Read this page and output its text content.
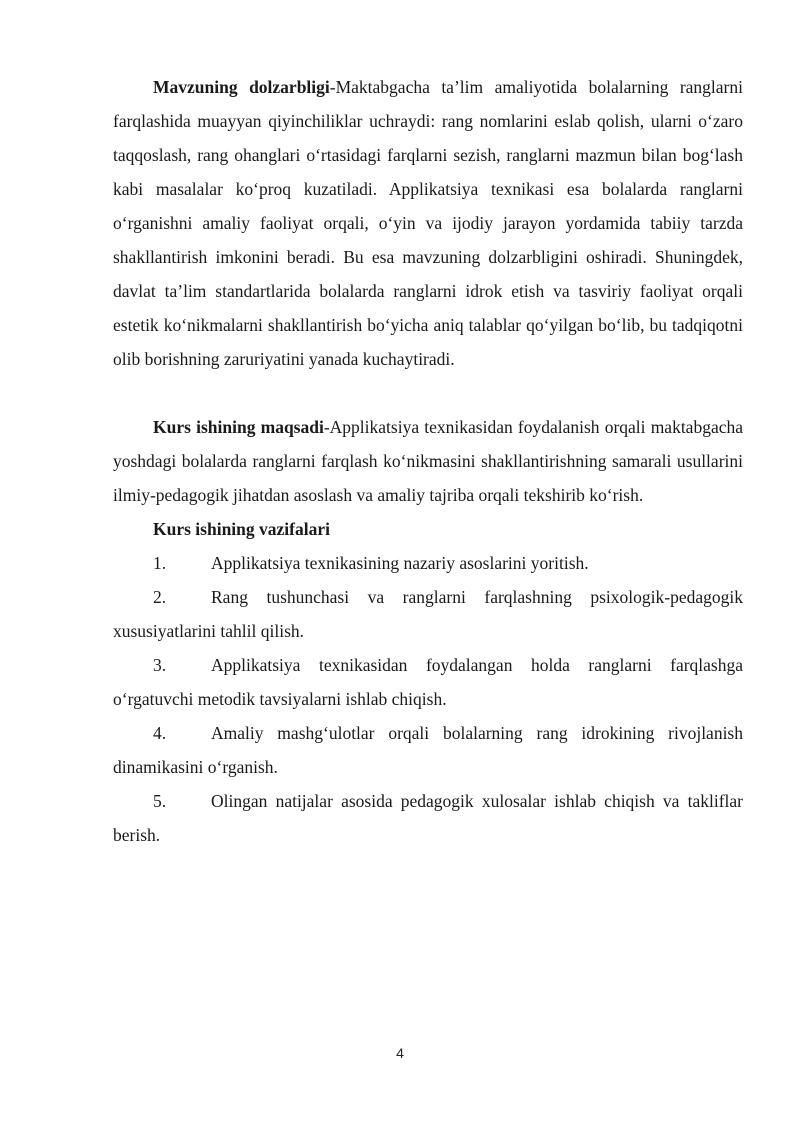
Mavzuning dolzarbligi-Maktabgacha ta’lim amaliyotida bolalarning ranglarni farqlashida muayyan qiyinchiliklar uchraydi: rang nomlarini eslab qolish, ularni o‘zaro taqqoslash, rang ohanglari o‘rtasidagi farqlarni sezish, ranglarni mazmun bilan bog‘lash kabi masalalar ko‘proq kuzatiladi. Applikatsiya texnikasi esa bolalarda ranglarni o‘rganishni amaliy faoliyat orqali, o‘yin va ijodiy jarayon yordamida tabiiy tarzda shakllantirish imkonini beradi. Bu esa mavzuning dolzarbligini oshiradi. Shuningdek, davlat ta’lim standartlarida bolalarda ranglarni idrok etish va tasviriy faoliyat orqali estetik ko‘nikmalarni shakllantirish bo‘yicha aniq talablar qo‘yilgan bo‘lib, bu tadqiqotni olib borishning zaruriyatini yanada kuchaytiradi.

Kurs ishining maqsadi-Applikatsiya texnikasidan foydalanish orqali maktabgacha yoshdagi bolalarda ranglarni farqlash ko‘nikmasini shakllantirishning samarali usullarini ilmiy-pedagogik jihatdan asoslash va amaliy tajriba orqali tekshirib ko‘rish.

Kurs ishining vazifalari

1.	Applikatsiya texnikasining nazariy asoslarini yoritish.

2.	Rang tushunchasi va ranglarni farqlashning psixologik-pedagogik xususiyatlarini tahlil qilish.

3.	Applikatsiya texnikasidan foydalangan holda ranglarni farqlashga o‘rgatuvchi metodik tavsiyalarni ishlab chiqish.

4.	Amaliy mashg‘ulotlar orqali bolalarning rang idrokining rivojlanish dinamikasini o‘rganish.

5.	Olingan natijalar asosida pedagogik xulosalar ishlab chiqish va takliflar berish.

4
